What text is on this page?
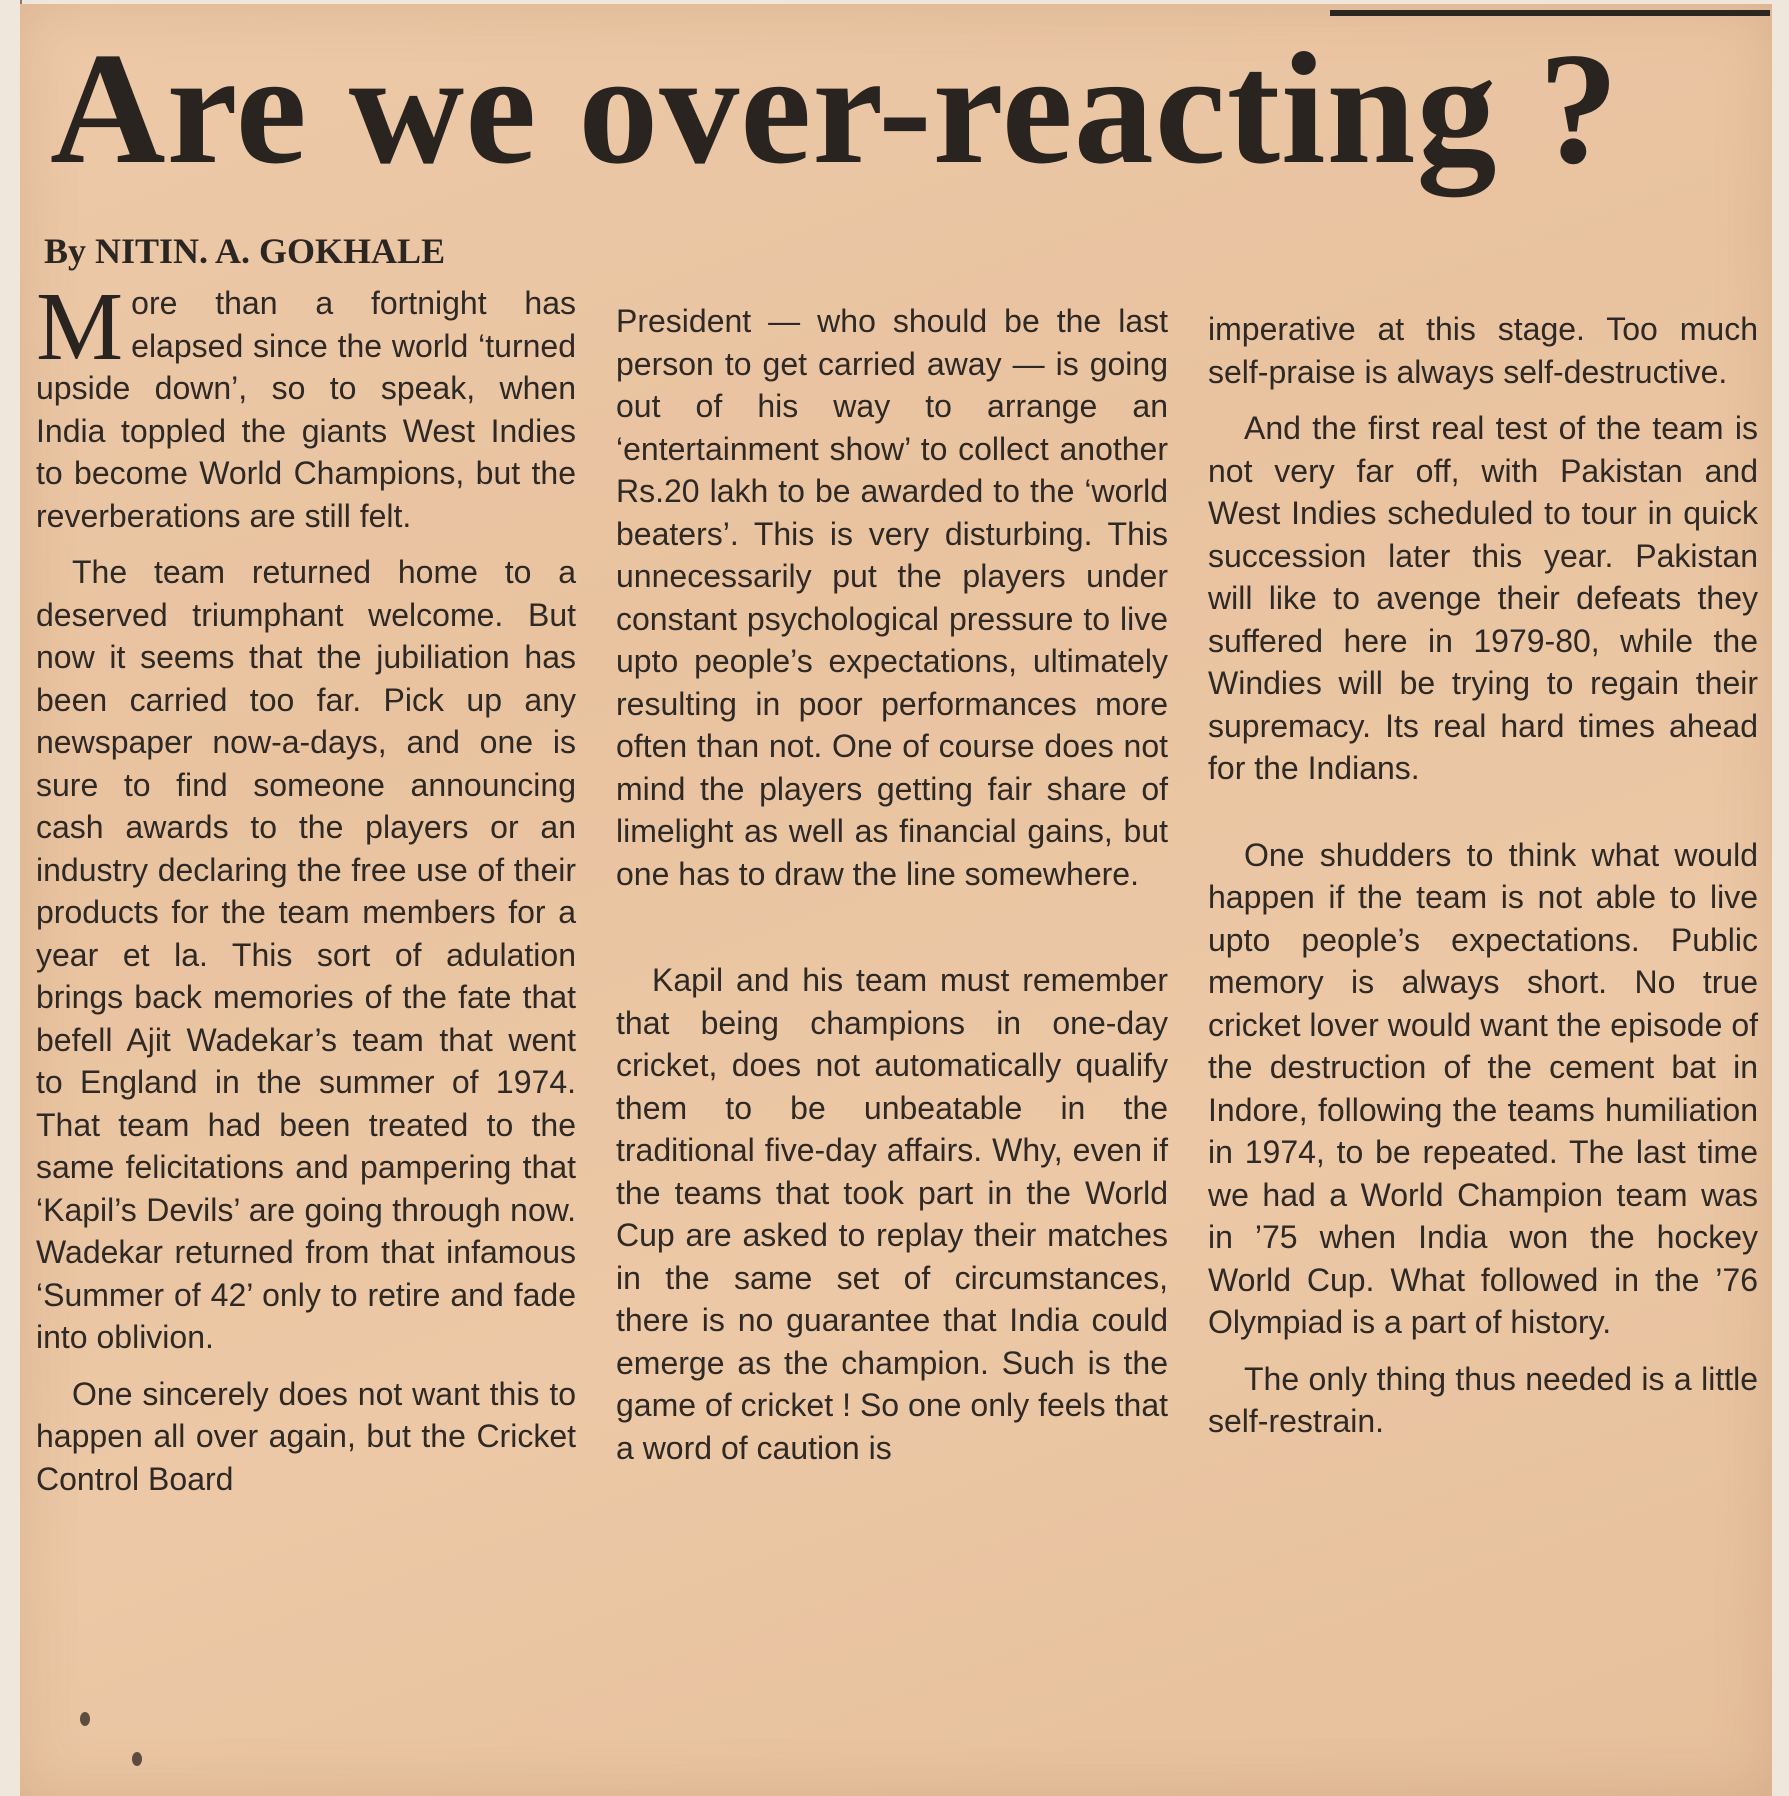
Are we over-reacting ?
By NITIN. A. GOKHALE

More than a fortnight has elapsed since the world ‘turned upside down’, so to speak, when India toppled the giants West Indies to become World Champions, but the reverberations are still felt.

The team returned home to a deserved triumphant welcome. But now it seems that the jubiliation has been carried too far. Pick up any newspaper now-a-days, and one is sure to find someone announcing cash awards to the players or an industry declaring the free use of their products for the team members for a year et la. This sort of adulation brings back memories of the fate that befell Ajit Wadekar’s team that went to England in the summer of 1974. That team had been treated to the same felicitations and pampering that ‘Kapil’s Devils’ are going through now. Wadekar returned from that infamous ‘Summer of 42’ only to retire and fade into oblivion.

One sincerely does not want this to happen all over again, but the Cricket Control Board

President — who should be the last person to get carried away — is going out of his way to arrange an ‘entertainment show’ to collect another Rs.20 lakh to be awarded to the ‘world beaters’. This is very disturbing. This unnecessarily put the players under constant psychological pressure to live upto people’s expectations, ultimately resulting in poor performances more often than not. One of course does not mind the players getting fair share of limelight as well as financial gains, but one has to draw the line somewhere.

Kapil and his team must remember that being champions in one-day cricket, does not automatically qualify them to be unbeatable in the traditional five-day affairs. Why, even if the teams that took part in the World Cup are asked to replay their matches in the same set of circumstances, there is no guarantee that India could emerge as the champion. Such is the game of cricket ! So one only feels that a word of caution is

imperative at this stage. Too much self-praise is always self-destructive.

And the first real test of the team is not very far off, with Pakistan and West Indies scheduled to tour in quick succession later this year. Pakistan will like to avenge their defeats they suffered here in 1979-80, while the Windies will be trying to regain their supremacy. Its real hard times ahead for the Indians.

One shudders to think what would happen if the team is not able to live upto people’s expectations. Public memory is always short. No true cricket lover would want the episode of the destruction of the cement bat in Indore, following the teams humiliation in 1974, to be repeated. The last time we had a World Champion team was in ’75 when India won the hockey World Cup. What followed in the ’76 Olympiad is a part of history.

The only thing thus needed is a little self-restrain.
